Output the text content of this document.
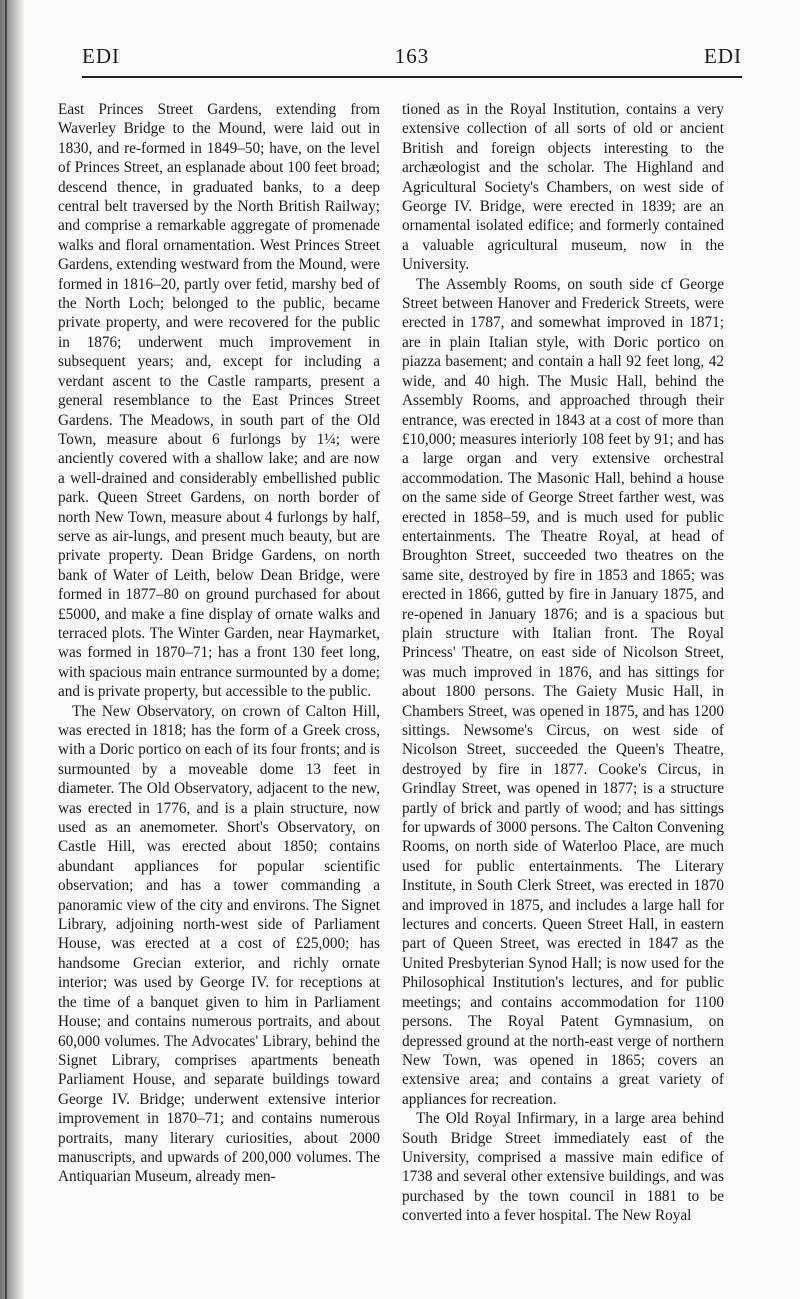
EDI	163	EDI

East Princes Street Gardens, extending from Waverley Bridge to the Mound, were laid out in 1830, and re-formed in 1849–50; have, on the level of Princes Street, an esplanade about 100 feet broad; descend thence, in graduated banks, to a deep central belt traversed by the North British Railway; and comprise a remarkable aggregate of promenade walks and floral ornamentation. West Princes Street Gardens, extending westward from the Mound, were formed in 1816–20, partly over fetid, marshy bed of the North Loch; belonged to the public, became private property, and were recovered for the public in 1876; underwent much improvement in subsequent years; and, except for including a verdant ascent to the Castle ramparts, present a general resemblance to the East Princes Street Gardens. The Meadows, in south part of the Old Town, measure about 6 furlongs by 1¼; were anciently covered with a shallow lake; and are now a well-drained and considerably embellished public park. Queen Street Gardens, on north border of north New Town, measure about 4 furlongs by half, serve as air-lungs, and present much beauty, but are private property. Dean Bridge Gardens, on north bank of Water of Leith, below Dean Bridge, were formed in 1877–80 on ground purchased for about £5000, and make a fine display of ornate walks and terraced plots. The Winter Garden, near Haymarket, was formed in 1870–71; has a front 130 feet long, with spacious main entrance surmounted by a dome; and is private property, but accessible to the public.

The New Observatory, on crown of Calton Hill, was erected in 1818; has the form of a Greek cross, with a Doric portico on each of its four fronts; and is surmounted by a moveable dome 13 feet in diameter. The Old Observatory, adjacent to the new, was erected in 1776, and is a plain structure, now used as an anemometer. Short's Observatory, on Castle Hill, was erected about 1850; contains abundant appliances for popular scientific observation; and has a tower commanding a panoramic view of the city and environs. The Signet Library, adjoining north-west side of Parliament House, was erected at a cost of £25,000; has handsome Grecian exterior, and richly ornate interior; was used by George IV. for receptions at the time of a banquet given to him in Parliament House; and contains numerous portraits, and about 60,000 volumes. The Advocates' Library, behind the Signet Library, comprises apartments beneath Parliament House, and separate buildings toward George IV. Bridge; underwent extensive interior improvement in 1870–71; and contains numerous portraits, many literary curiosities, about 2000 manuscripts, and upwards of 200,000 volumes. The Antiquarian Museum, already men-

tioned as in the Royal Institution, contains a very extensive collection of all sorts of old or ancient British and foreign objects interesting to the archæologist and the scholar. The Highland and Agricultural Society's Chambers, on west side of George IV. Bridge, were erected in 1839; are an ornamental isolated edifice; and formerly contained a valuable agricultural museum, now in the University.

The Assembly Rooms, on south side cf George Street between Hanover and Frederick Streets, were erected in 1787, and somewhat improved in 1871; are in plain Italian style, with Doric portico on piazza basement; and contain a hall 92 feet long, 42 wide, and 40 high. The Music Hall, behind the Assembly Rooms, and approached through their entrance, was erected in 1843 at a cost of more than £10,000; measures interiorly 108 feet by 91; and has a large organ and very extensive orchestral accommodation. The Masonic Hall, behind a house on the same side of George Street farther west, was erected in 1858–59, and is much used for public entertainments. The Theatre Royal, at head of Broughton Street, succeeded two theatres on the same site, destroyed by fire in 1853 and 1865; was erected in 1866, gutted by fire in January 1875, and re-opened in January 1876; and is a spacious but plain structure with Italian front. The Royal Princess' Theatre, on east side of Nicolson Street, was much improved in 1876, and has sittings for about 1800 persons. The Gaiety Music Hall, in Chambers Street, was opened in 1875, and has 1200 sittings. Newsome's Circus, on west side of Nicolson Street, succeeded the Queen's Theatre, destroyed by fire in 1877. Cooke's Circus, in Grindlay Street, was opened in 1877; is a structure partly of brick and partly of wood; and has sittings for upwards of 3000 persons. The Calton Convening Rooms, on north side of Waterloo Place, are much used for public entertainments. The Literary Institute, in South Clerk Street, was erected in 1870 and improved in 1875, and includes a large hall for lectures and concerts. Queen Street Hall, in eastern part of Queen Street, was erected in 1847 as the United Presbyterian Synod Hall; is now used for the Philosophical Institution's lectures, and for public meetings; and contains accommodation for 1100 persons. The Royal Patent Gymnasium, on depressed ground at the north-east verge of northern New Town, was opened in 1865; covers an extensive area; and contains a great variety of appliances for recreation.

The Old Royal Infirmary, in a large area behind South Bridge Street immediately east of the University, comprised a massive main edifice of 1738 and several other extensive buildings, and was purchased by the town council in 1881 to be converted into a fever hospital. The New Royal
